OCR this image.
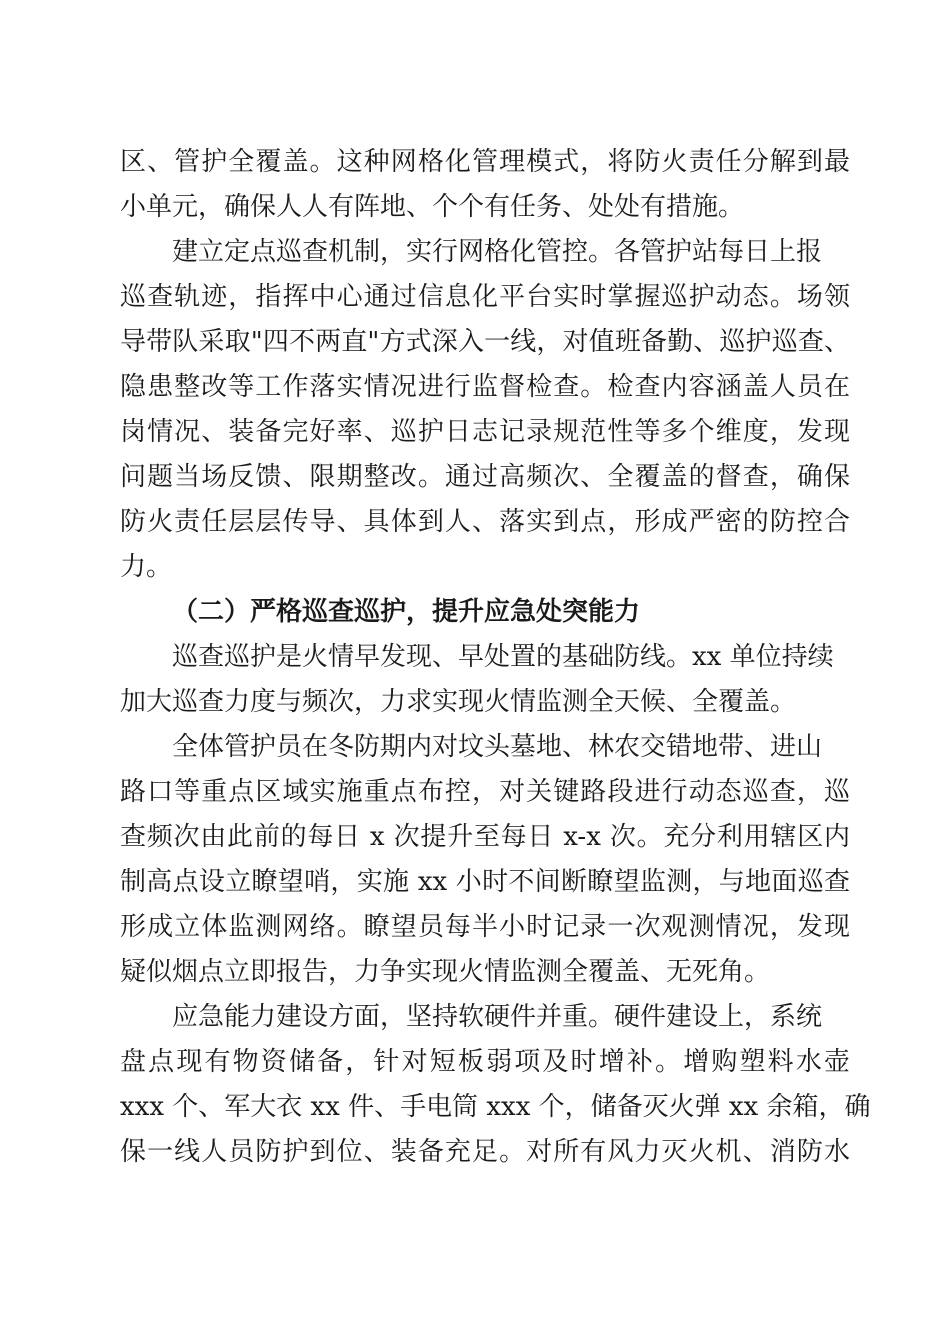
区、管护全覆盖。这种网格化管理模式，将防火责任分解到最

小单元，确保人人有阵地、个个有任务、处处有措施。

建立定点巡查机制，实行网格化管控。各管护站每日上报

巡查轨迹，指挥中心通过信息化平台实时掌握巡护动态。场领

导带队采取"四不两直"方式深入一线，对值班备勤、巡护巡查、

隐患整改等工作落实情况进行监督检查。检查内容涵盖人员在

岗情况、装备完好率、巡护日志记录规范性等多个维度，发现

问题当场反馈、限期整改。通过高频次、全覆盖的督查，确保

防火责任层层传导、具体到人、落实到点，形成严密的防控合

力。

（二）严格巡查巡护，提升应急处突能力

巡查巡护是火情早发现、早处置的基础防线。xx 单位持续

加大巡查力度与频次，力求实现火情监测全天候、全覆盖。

全体管护员在冬防期内对坟头墓地、林农交错地带、进山

路口等重点区域实施重点布控，对关键路段进行动态巡查，巡

查频次由此前的每日 x 次提升至每日 x-x 次。充分利用辖区内

制高点设立瞭望哨，实施 xx 小时不间断瞭望监测，与地面巡查

形成立体监测网络。瞭望员每半小时记录一次观测情况，发现

疑似烟点立即报告，力争实现火情监测全覆盖、无死角。

应急能力建设方面，坚持软硬件并重。硬件建设上，系统

盘点现有物资储备，针对短板弱项及时增补。增购塑料水壶

xxx 个、军大衣 xx 件、手电筒 xxx 个，储备灭火弹 xx 余箱，确

保一线人员防护到位、装备充足。对所有风力灭火机、消防水
